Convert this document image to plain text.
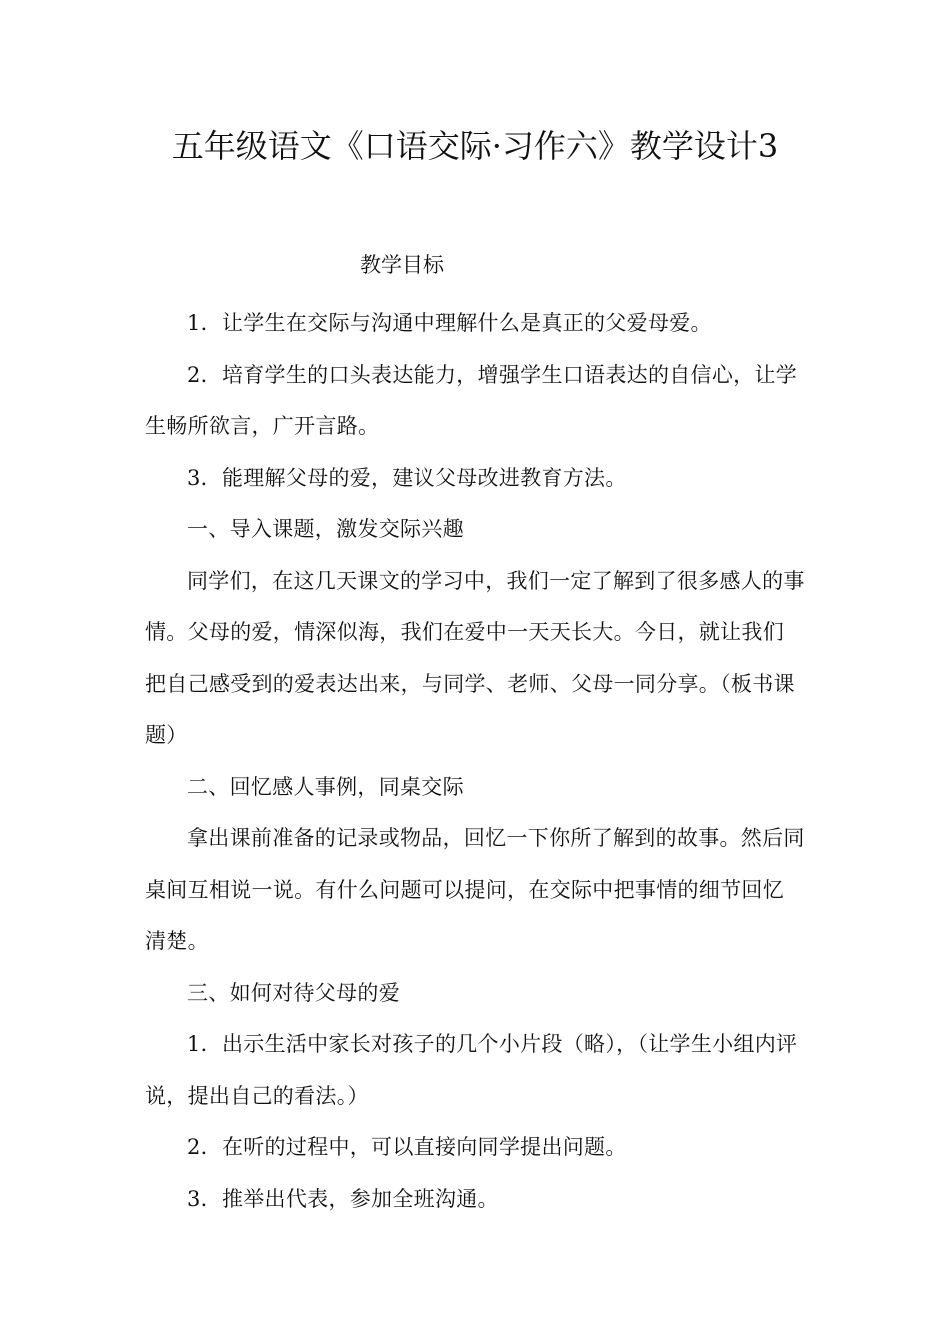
五年级语文《口语交际·习作六》教学设计3
教学目标

1．让学生在交际与沟通中理解什么是真正的父爱母爱。

2．培育学生的口头表达能力，增强学生口语表达的自信心，让学生畅所欲言，广开言路。

3．能理解父母的爱，建议父母改进教育方法。

一、导入课题，激发交际兴趣

同学们，在这几天课文的学习中，我们一定了解到了很多感人的事情。父母的爱，情深似海，我们在爱中一天天长大。今日，就让我们把自己感受到的爱表达出来，与同学、老师、父母一同分享。（板书课题）

二、回忆感人事例，同桌交际

拿出课前准备的记录或物品，回忆一下你所了解到的故事。然后同桌间互相说一说。有什么问题可以提问，在交际中把事情的细节回忆清楚。

三、如何对待父母的爱

1．出示生活中家长对孩子的几个小片段（略），（让学生小组内评说，提出自己的看法。）

2．在听的过程中，可以直接向同学提出问题。

3．推举出代表，参加全班沟通。
